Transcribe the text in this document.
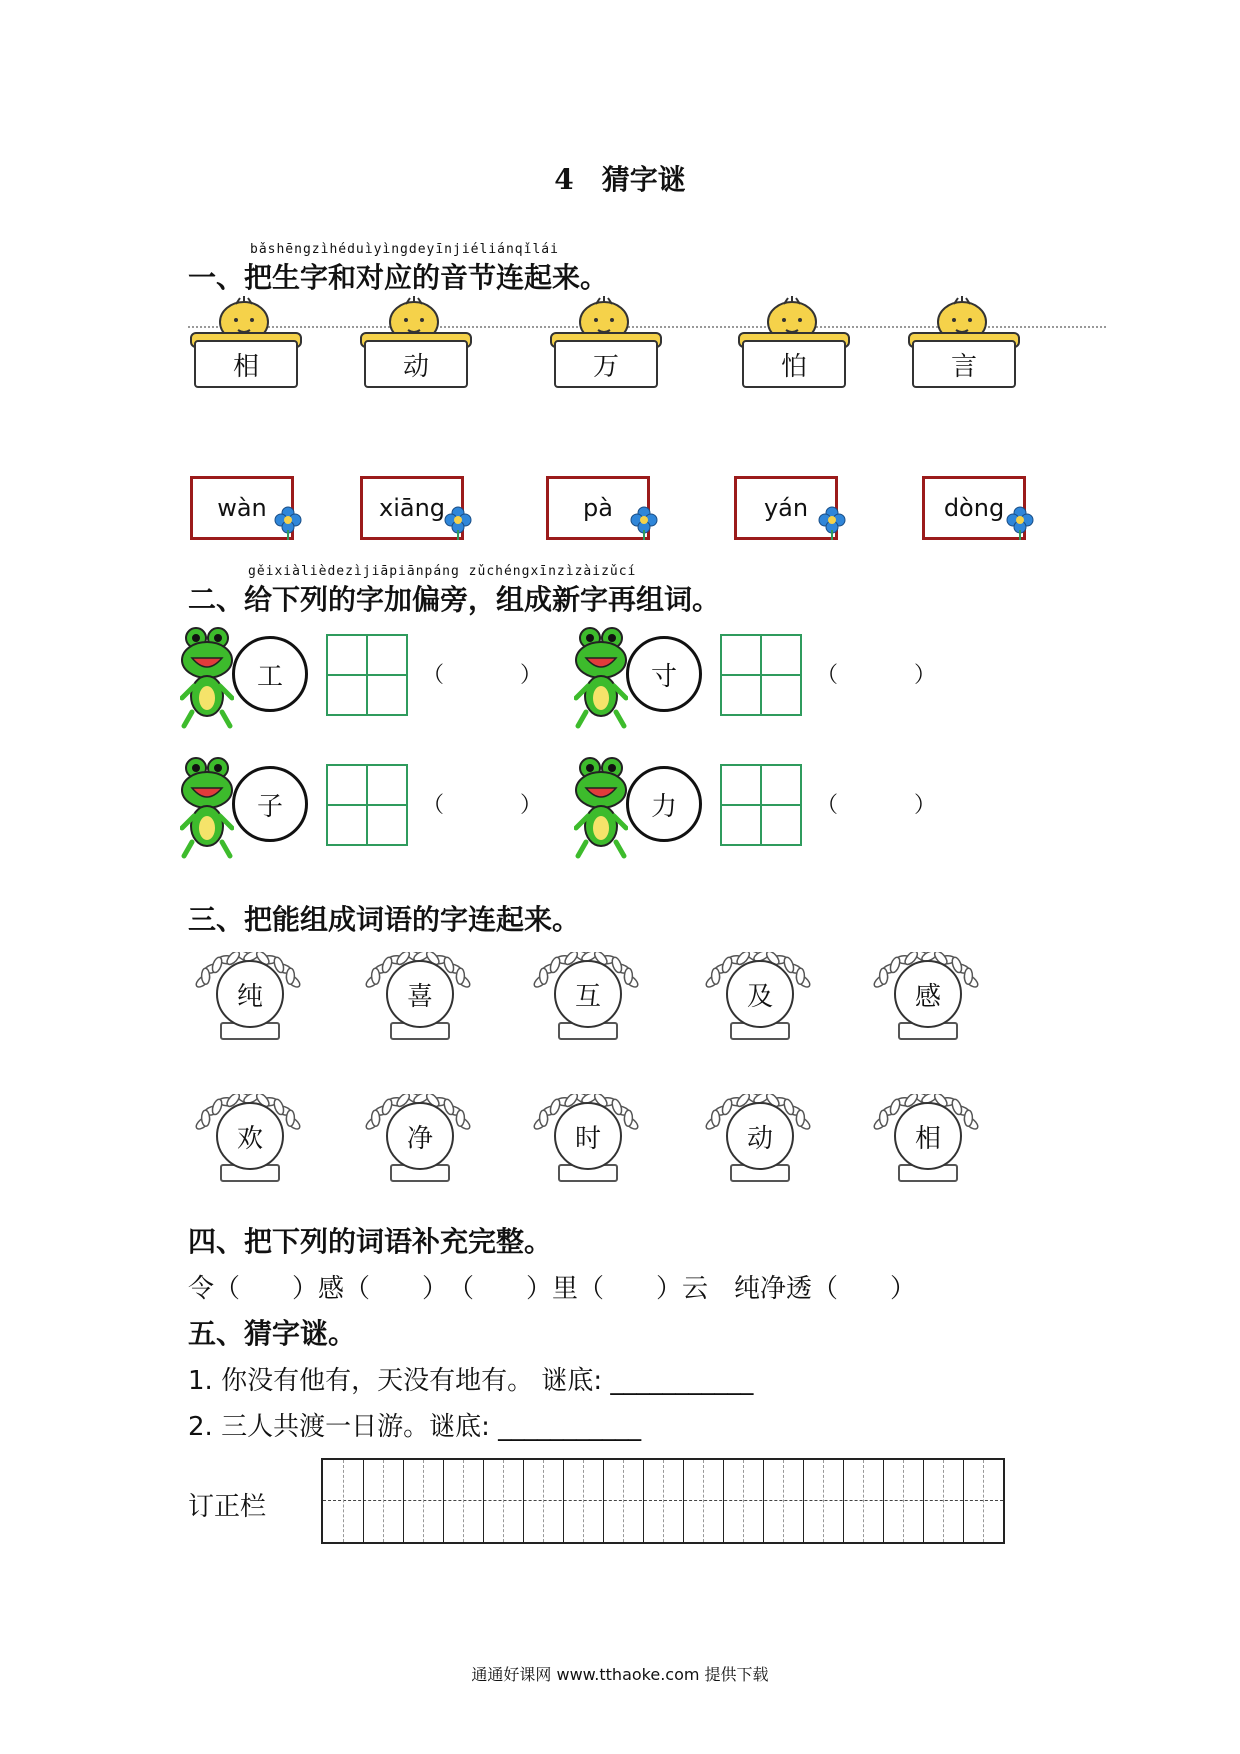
4　猜字谜
bǎshēngzìhéduìyìngdeyīnjiéliánqǐlái
一、把生字和对应的音节连起来。
相	动	万	怕	言
wàn	xiāng	pà	yán	dòng
gěixiàlièdezìjiāpiānpáng zǔchéngxīnzìzàizǔcí
二、给下列的字加偏旁，组成新字再组词。
工	（	）	寸	（	）
子	（	）	力	（	）
三、把能组成词语的字连起来。
纯	喜	互	及	感
欢	净	时	动	相
四、把下列的词语补充完整。
令（　　）感（　　）　（　　）里（　　）云　纯净透（　　）
五、猜字谜。
1. 你没有他有，天没有地有。 谜底: ___________
2. 三人共渡一日游。谜底: ___________
订正栏
通通好课网 www.tthaoke.com 提供下载
